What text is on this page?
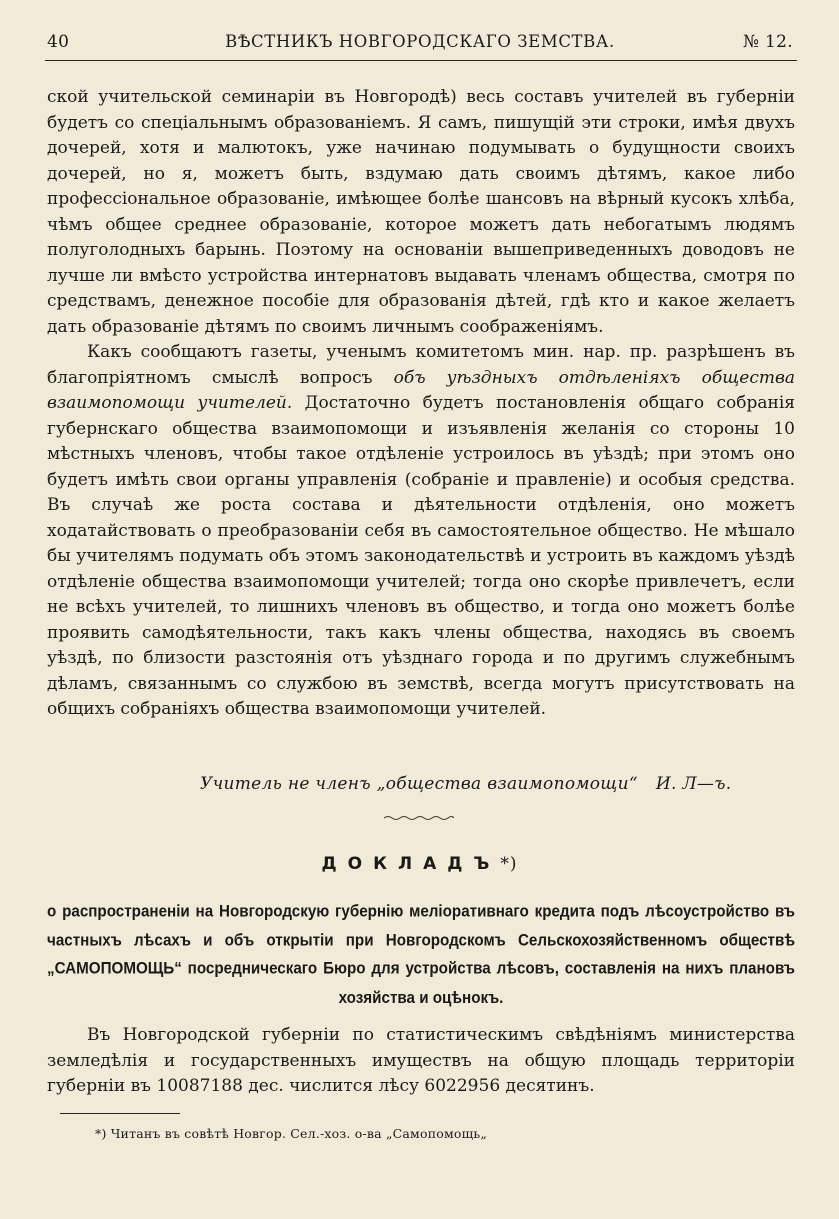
40	ВѢСТНИКЪ НОВГОРОДСКАГО ЗЕМСТВА.	№ 12.

ской учительской семинаріи въ Новгородѣ) весь составъ учителей въ губерніи будетъ со спеціальнымъ образованіемъ. Я самъ, пишущій эти строки, имѣя двухъ дочерей, хотя и малютокъ, уже начинаю подумывать о будущности своихъ дочерей, но я, можетъ быть, вздумаю дать своимъ дѣтямъ, какое либо профессіональное образованіе, имѣющее болѣе шансовъ на вѣрный кусокъ хлѣба, чѣмъ общее среднее образованіе, которое можетъ дать небогатымъ людямъ полуголодныхъ барынь. Поэтому на основаніи вышеприведенныхъ доводовъ не лучше ли вмѣсто устройства интернатовъ выдавать членамъ общества, смотря по средствамъ, денежное пособіе для образованія дѣтей, гдѣ кто и какое желаетъ дать образованіе дѣтямъ по своимъ личнымъ соображеніямъ.

Какъ сообщаютъ газеты, ученымъ комитетомъ мин. нар. пр. разрѣшенъ въ благопріятномъ смыслѣ вопросъ объ уѣздныхъ отдѣленіяхъ общества взаимопомощи учителей. Достаточно будетъ постановленія общаго собранія губернскаго общества взаимопомощи и изъявленія желанія со стороны 10 мѣстныхъ членовъ, чтобы такое отдѣленіе устроилось въ уѣздѣ; при этомъ оно будетъ имѣть свои органы управленія (собраніе и правленіе) и особыя средства. Въ случаѣ же роста состава и дѣятельности отдѣленія, оно можетъ ходатайствовать о преобразованіи себя въ самостоятельное общество. Не мѣшало бы учителямъ подумать объ этомъ законодательствѣ и устроить въ каждомъ уѣздѣ отдѣленіе общества взаимопомощи учителей; тогда оно скорѣе привлечетъ, если не всѣхъ учителей, то лишнихъ членовъ въ общество, и тогда оно можетъ болѣе проявить самодѣятельности, такъ какъ члены общества, находясь въ своемъ уѣздѣ, по близости разстоянія отъ уѣзднаго города и по другимъ служебнымъ дѣламъ, связаннымъ со службою въ земствѣ, всегда могутъ присутствовать на общихъ собраніяхъ общества взаимопомощи учителей.

Учитель не членъ „общества взаимопомощи“ И. Л—ъ.
ДОКЛАДЪ*)
о распространеніи на Новгородскую губернію меліоративнаго кредита подъ лѣсоустройство въ частныхъ лѣсахъ и объ открытіи при Новгородскомъ Сельскохозяйственномъ обществѣ „САМОПОМОЩЬ“ посредническаго Бюро для устройства лѣсовъ, составленія на нихъ плановъ хозяйства и оцѣнокъ.

Въ Новгородской губерніи по статистическимъ свѣдѣніямъ министерства земледѣлія и государственныхъ имуществъ на общую площадь территоріи губерніи въ 10087188 дес. числится лѣсу 6022956 десятинъ.

*) Читанъ въ совѣтѣ Новгор. Сел.-хоз. о-ва „Самопомощь„
